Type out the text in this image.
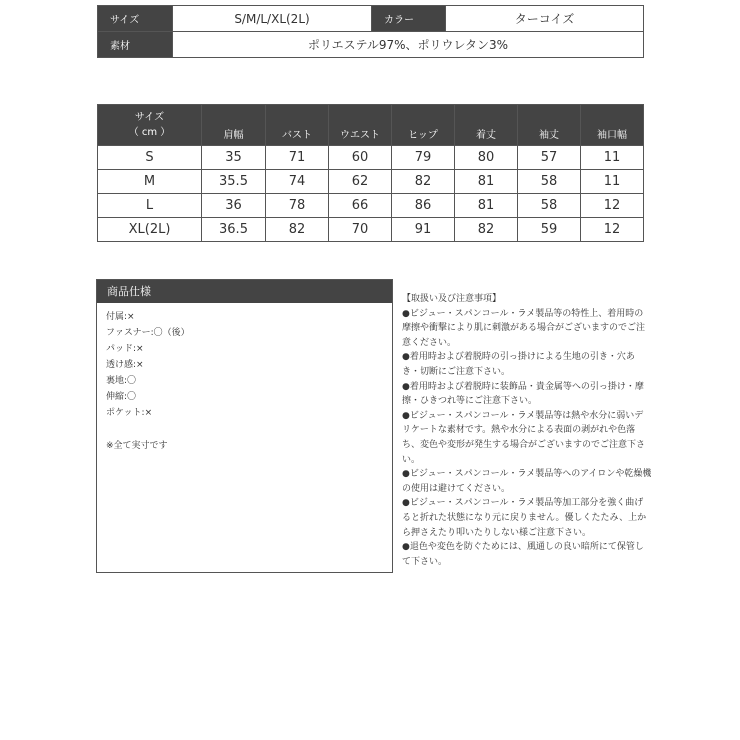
サイズ	S/M/L/XL(2L)	カラー	ターコイズ
素材	ポリエステル97%、ポリウレタン3%		
サイズ
（ cm ）	肩幅	バスト	ウエスト	ヒップ	着丈	袖丈	袖口幅
S	35	71	60	79	80	57	11
M	35.5	74	62	82	81	58	11
L	36	78	66	86	81	58	12
XL(2L)	36.5	82	70	91	82	59	12
商品仕様
付属:×
ファスナー:〇（後）
パッド:×
透け感:×
裏地:〇
伸縮:〇
ポケット:×
※全て実寸です

【取扱い及び注意事項】

●ビジュー・スパンコール・ラメ製品等の特性上、着用時の摩擦や衝撃により肌に刺激がある場合がございますのでご注意ください。

●着用時および着脱時の引っ掛けによる生地の引き・穴あき・切断にご注意下さい。

●着用時および着脱時に装飾品・貴金属等への引っ掛け・摩擦・ひきつれ等にご注意下さい。

●ビジュー・スパンコール・ラメ製品等は熱や水分に弱いデリケートな素材です。熱や水分による表面の剥がれや色落ち、変色や変形が発生する場合がございますのでご注意下さい。

●ビジュー・スパンコール・ラメ製品等へのアイロンや乾燥機の使用は避けてください。

●ビジュー・スパンコール・ラメ製品等加工部分を強く曲げると折れた状態になり元に戻りません。優しくたたみ、上から押さえたり叩いたりしない様ご注意下さい。

●退色や変色を防ぐためには、風通しの良い暗所にて保管して下さい。
